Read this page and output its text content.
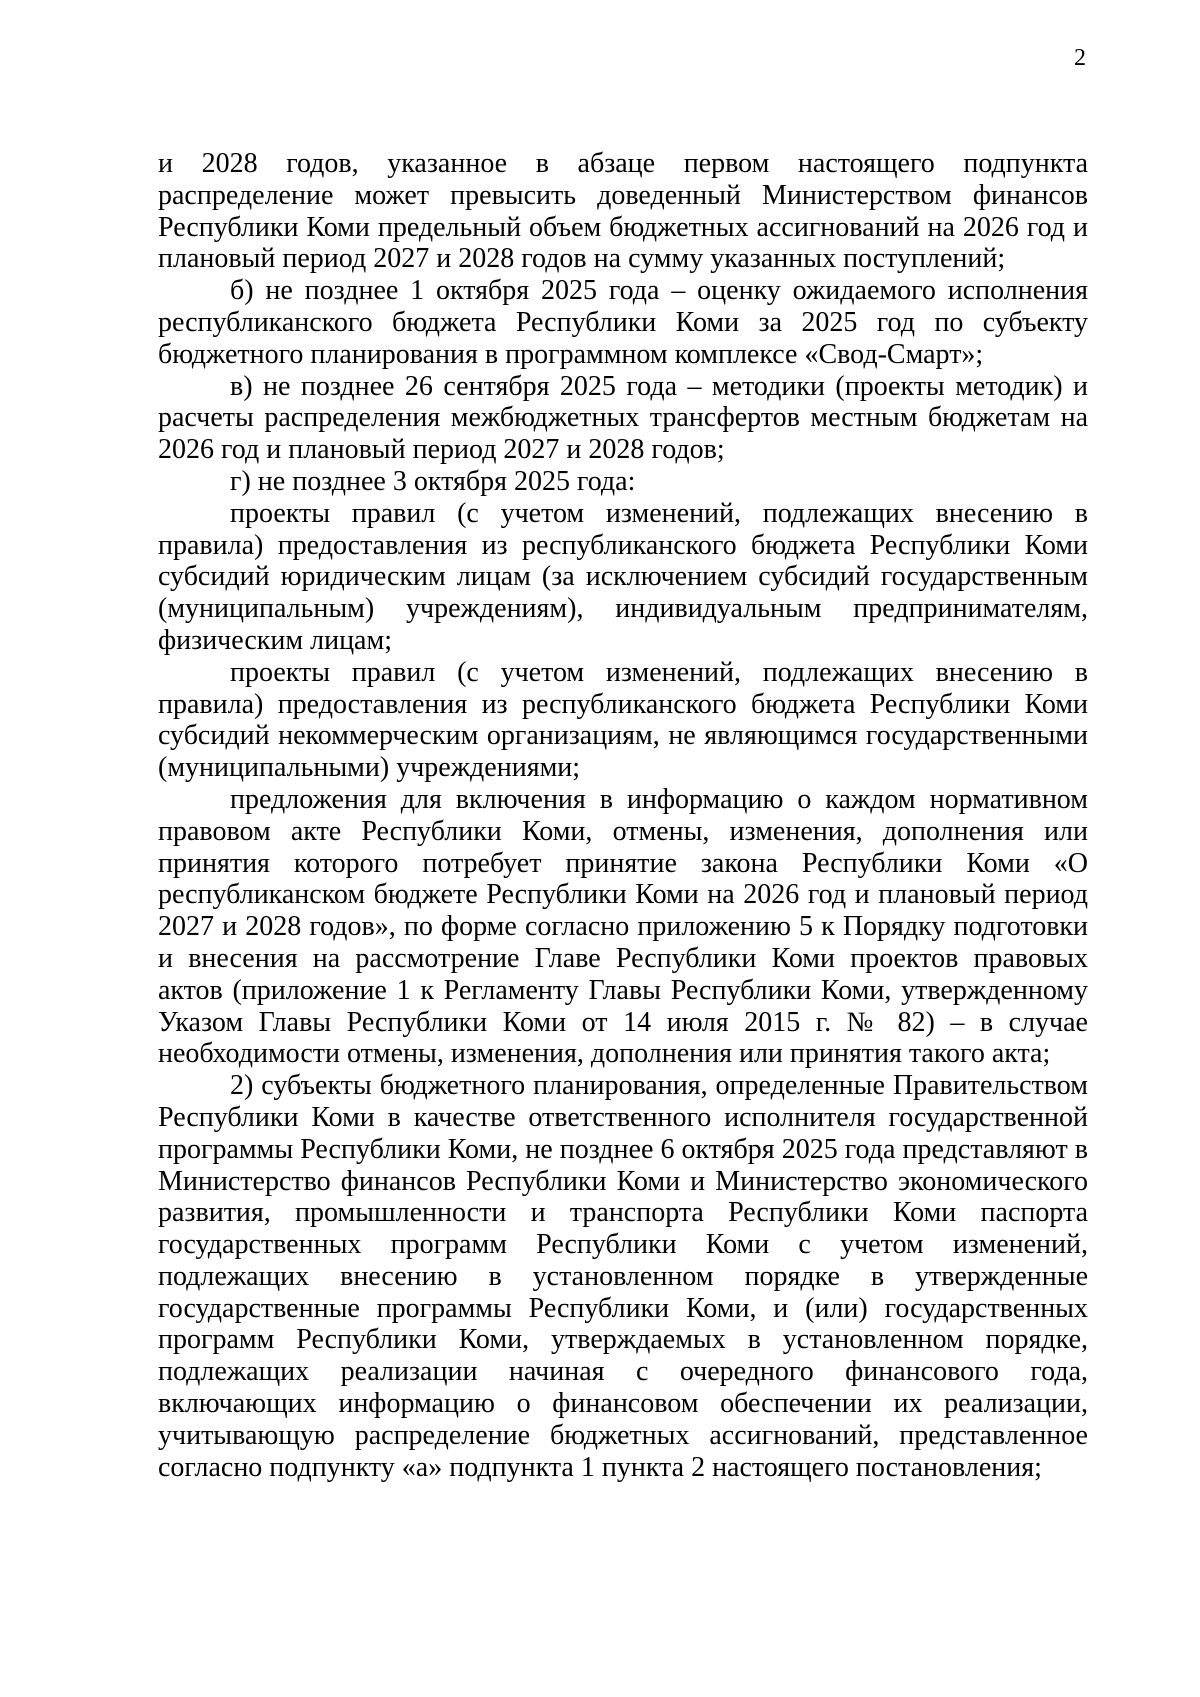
2

и 2028 годов, указанное в абзаце первом настоящего подпункта распределение может превысить доведенный Министерством финансов Республики Коми предельный объем бюджетных ассигнований на 2026 год и плановый период 2027 и 2028 годов на сумму указанных поступлений;

б) не позднее 1 октября 2025 года – оценку ожидаемого исполнения республиканского бюджета Республики Коми за 2025 год по субъекту бюджетного планирования в программном комплексе «Свод-Смарт»;

в) не позднее 26 сентября 2025 года – методики (проекты методик) и расчеты распределения межбюджетных трансфертов местным бюджетам на 2026 год и плановый период 2027 и 2028 годов;

г) не позднее 3 октября 2025 года:

проекты правил (с учетом изменений, подлежащих внесению в правила) предоставления из республиканского бюджета Республики Коми субсидий юридическим лицам (за исключением субсидий государственным (муниципальным) учреждениям), индивидуальным предпринимателям, физическим лицам;

проекты правил (с учетом изменений, подлежащих внесению в правила) предоставления из республиканского бюджета Республики Коми субсидий некоммерческим организациям, не являющимся государственными (муниципальными) учреждениями;

предложения для включения в информацию о каждом нормативном правовом акте Республики Коми, отмены, изменения, дополнения или принятия которого потребует принятие закона Республики Коми «О республиканском бюджете Республики Коми на 2026 год и плановый период 2027 и 2028 годов», по форме согласно приложению 5 к Порядку подготовки и внесения на рассмотрение Главе Республики Коми проектов правовых актов (приложение 1 к Регламенту Главы Республики Коми, утвержденному Указом Главы Республики Коми от 14 июля 2015 г. № 82) – в случае необходимости отмены, изменения, дополнения или принятия такого акта;

2) субъекты бюджетного планирования, определенные Правительством Республики Коми в качестве ответственного исполнителя государственной программы Республики Коми, не позднее 6 октября 2025 года представляют в Министерство финансов Республики Коми и Министерство экономического развития, промышленности и транспорта Республики Коми паспорта государственных программ Республики Коми с учетом изменений, подлежащих внесению в установленном порядке в утвержденные государственные программы Республики Коми, и (или) государственных программ Республики Коми, утверждаемых в установленном порядке, подлежащих реализации начиная с очередного финансового года, включающих информацию о финансовом обеспечении их реализации, учитывающую распределение бюджетных ассигнований, представленное согласно подпункту «а» подпункта 1 пункта 2 настоящего постановления;
